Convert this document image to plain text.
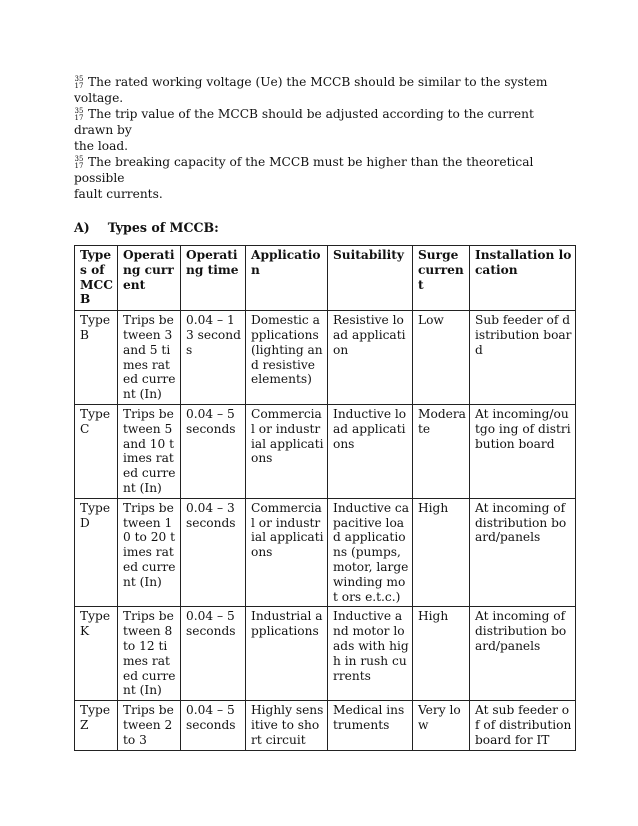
35
17 The rated working voltage (Ue) the MCCB should be similar to the system

voltage.

35
17 The trip value of the MCCB should be adjusted according to the current drawn by

the load.

35
17 The breaking capacity of the MCCB must be higher than the theoretical possible

fault currents.

A) Types of MCCB:
Type s of MCC B	Operati ng current	Operati ng time	Application	Suitability	Surge current	Installation location
Type B	Trips between 3 and 5 times rated current (In)	0.04 – 13 seconds	Domestic applications (lighting and resistive elements)	Resistive load application	Low	Sub feeder of distribution board
Type C	Trips between 5 and 10 times rated current (In)	0.04 – 5 seconds	Commercial or industrial applications	Inductive load applications	Modera te	At incoming/outgo ing of distribution board
Type D	Trips between 10 to 20 times rated current (In)	0.04 – 3 seconds	Commercial or industrial applications	Inductive capacitive load applications (pumps, motor, large winding mot ors e.t.c.)	High	At incoming of distribution board/panels
Type K	Trips between 8 to 12 times rated current (In)	0.04 – 5 seconds	Industrial applications	Inductive and motor loads with high in rush currents	High	At incoming of distribution board/panels
Type Z	Trips between 2 to 3	0.04 – 5 seconds	Highly sensitive to short circuit	Medical instruments	Very low	At sub feeder of of distribution board for IT
